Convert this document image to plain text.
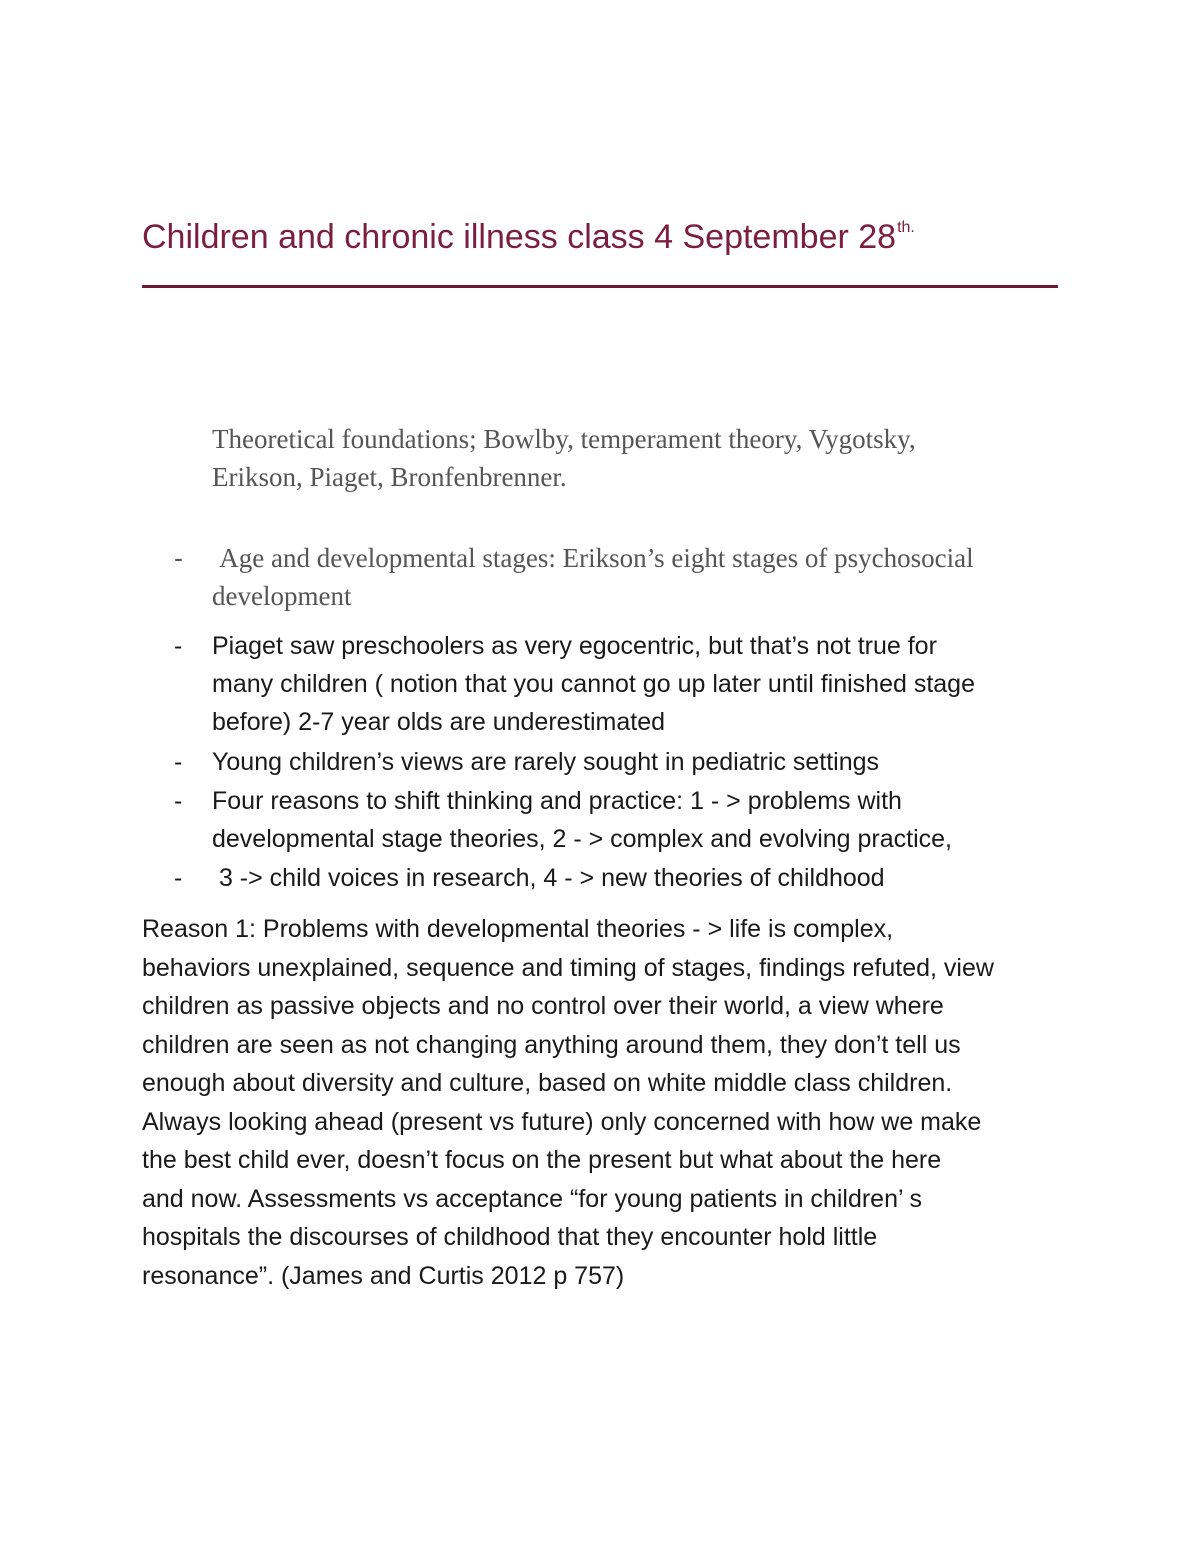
Children and chronic illness class 4 September $28^{th.}$
Theoretical foundations; Bowlby, temperament theory, Vygotsky,
Erikson, Piaget, Bronfenbrenner.
- Age and developmental stages: Erikson’s eight stages of psychosocial
development
- Piaget saw preschoolers as very egocentric, but that’s not true for
many children ( notion that you cannot go up later until finished stage
before) 2-7 year olds are underestimated
- Young children’s views are rarely sought in pediatric settings
- Four reasons to shift thinking and practice: 1 - > problems with
developmental stage theories, 2 - > complex and evolving practice,
- 3 -> child voices in research, 4 - > new theories of childhood
Reason 1: Problems with developmental theories - > life is complex,
behaviors unexplained, sequence and timing of stages, findings refuted, view
children as passive objects and no control over their world, a view where
children are seen as not changing anything around them, they don’t tell us
enough about diversity and culture, based on white middle class children.
Always looking ahead (present vs future) only concerned with how we make
the best child ever, doesn’t focus on the present but what about the here
and now. Assessments vs acceptance “for young patients in children’ s
hospitals the discourses of childhood that they encounter hold little
resonance”. (James and Curtis 2012 p 757)
